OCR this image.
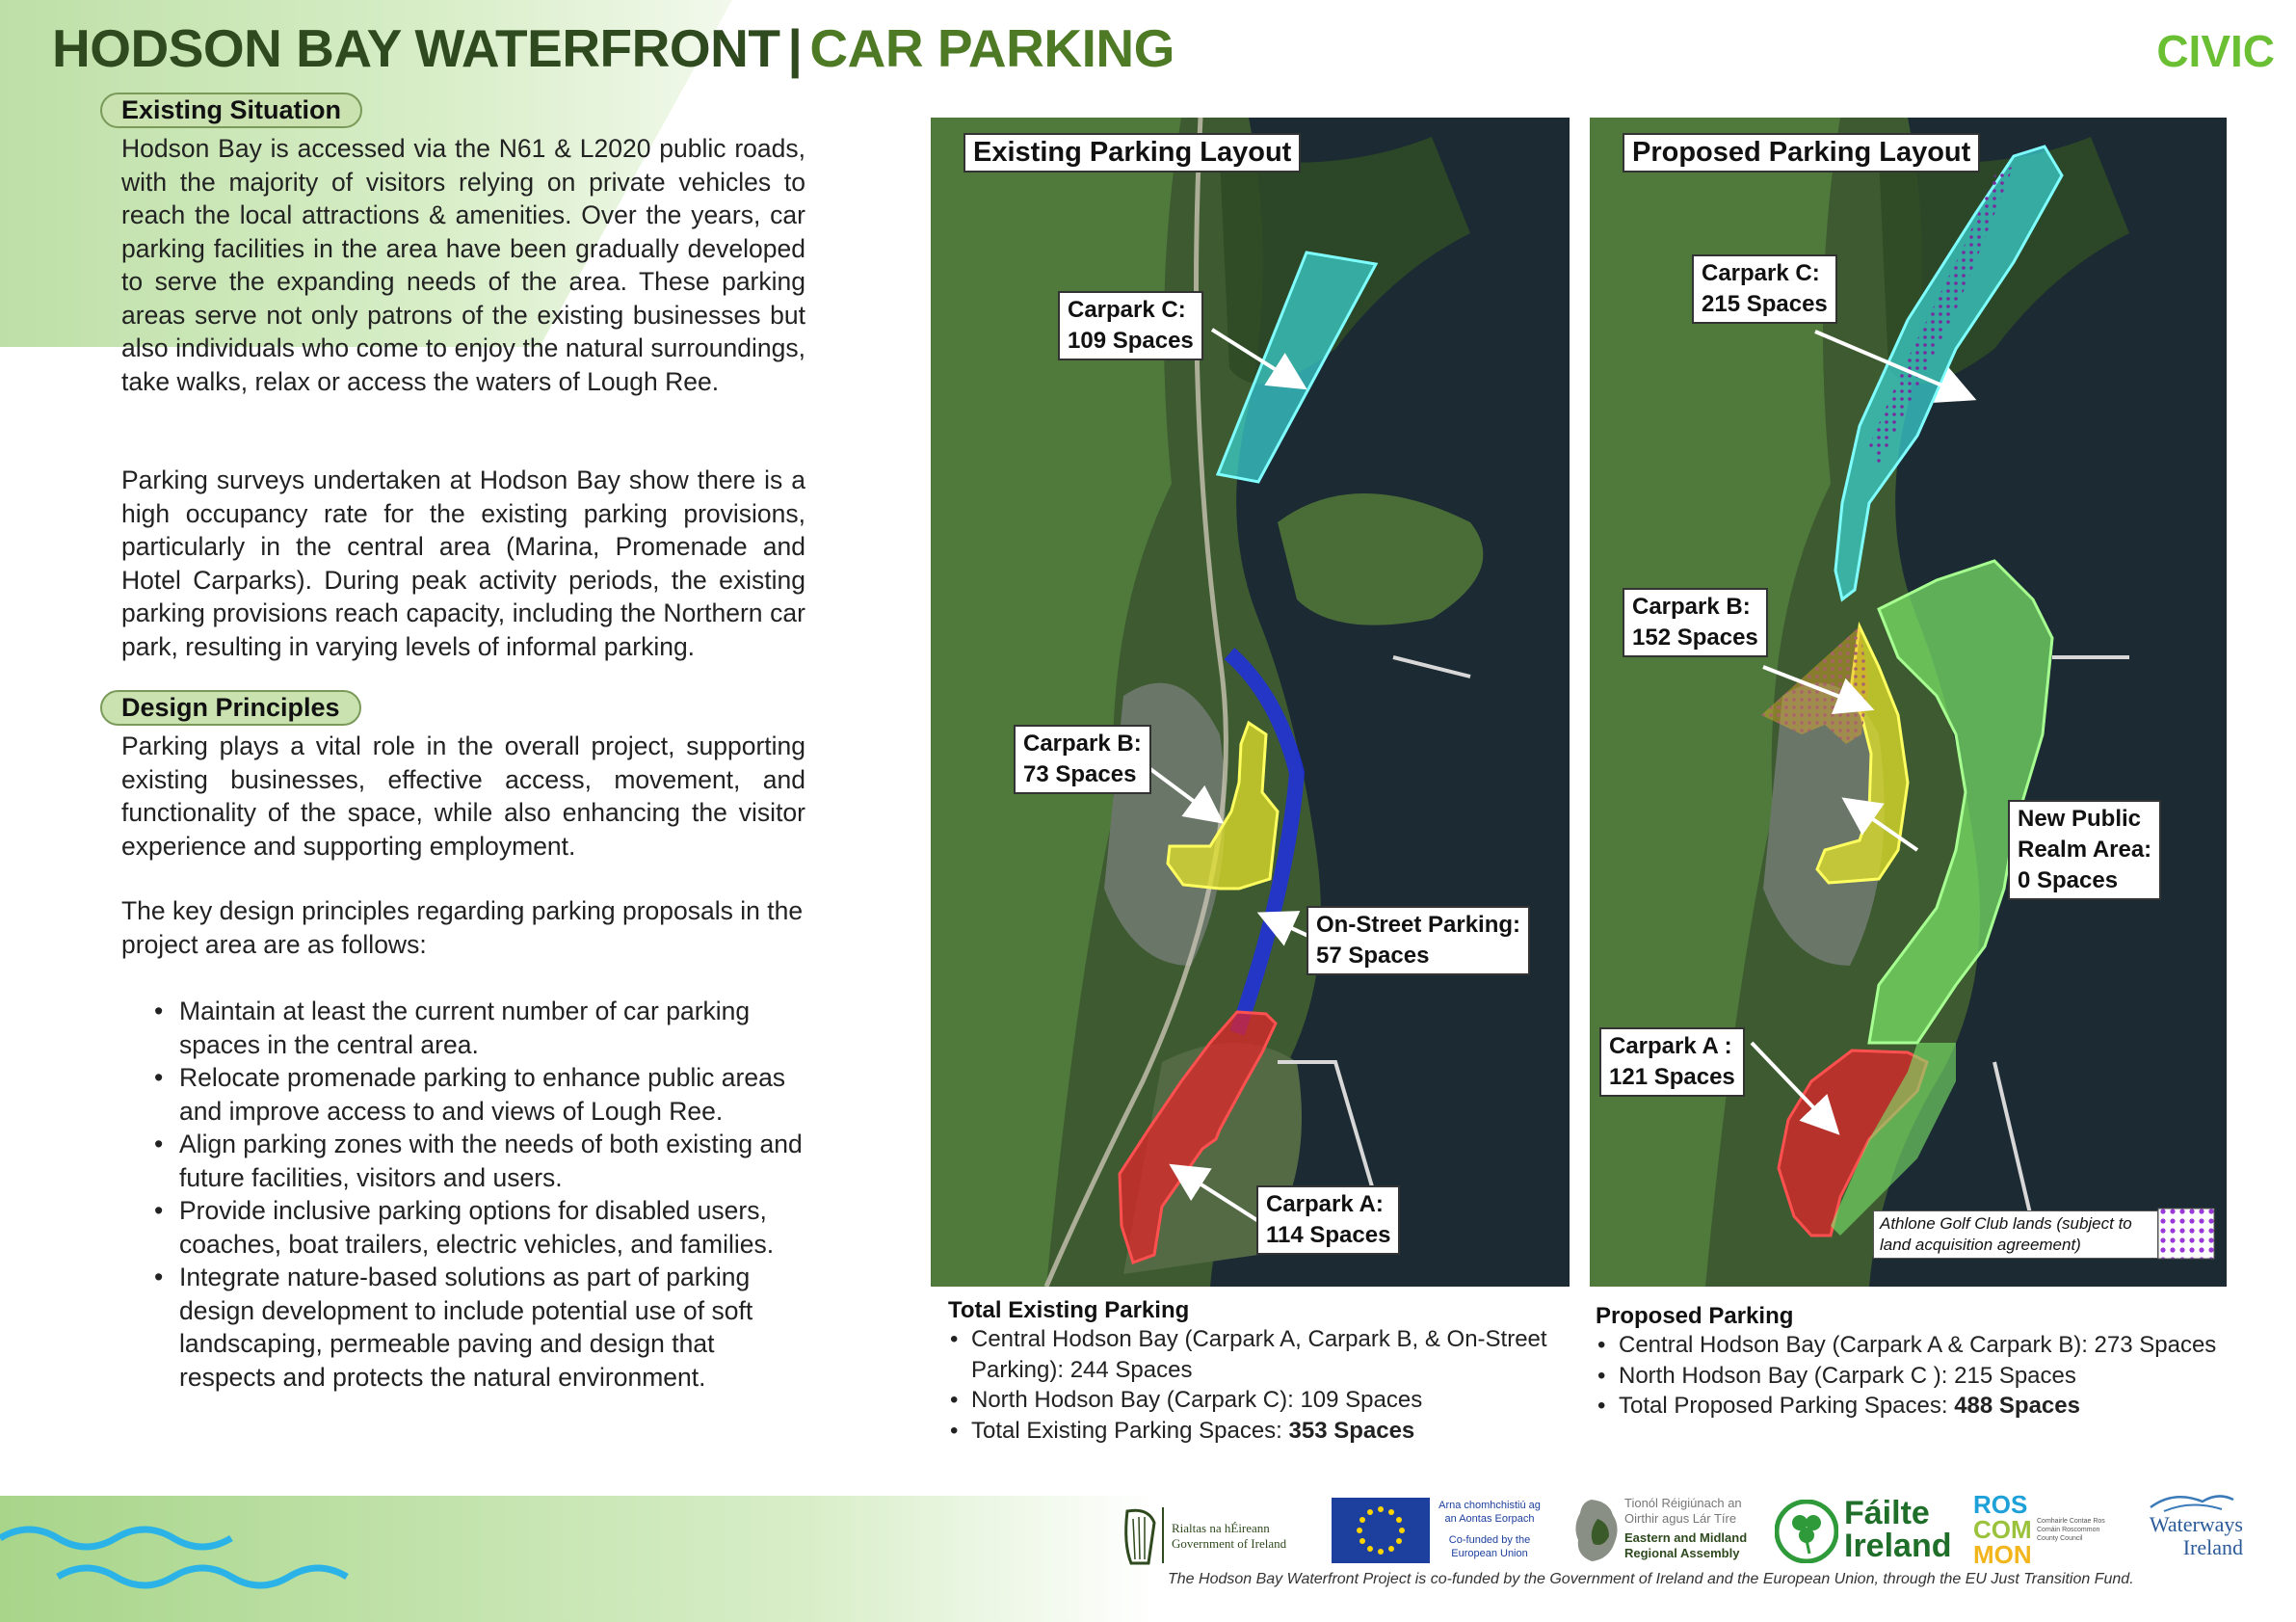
HODSON BAY WATERFRONT | CAR PARKING	CIVIC
Existing Situation
Hodson Bay is accessed via the N61 & L2020 public roads, with the majority of visitors relying on private vehicles to reach the local attractions & amenities. Over the years, car parking facilities in the area have been gradually developed to serve the expanding needs of the area. These parking areas serve not only patrons of the existing businesses but also individuals who come to enjoy the natural surroundings, take walks, relax or access the waters of Lough Ree.
Parking surveys undertaken at Hodson Bay show there is a high occupancy rate for the existing parking provisions, particularly in the central area (Marina, Promenade and Hotel Carparks). During peak activity periods, the existing parking provisions reach capacity, including the Northern car park, resulting in varying levels of informal parking.
Design Principles
Parking plays a vital role in the overall project, supporting existing businesses, effective access, movement, and functionality of the space, while also enhancing the visitor experience and supporting employment.
The key design principles regarding parking proposals in the project area are as follows:
• Maintain at least the current number of car parking spaces in the central area.
• Relocate promenade parking to enhance public areas and improve access to and views of Lough Ree.
• Align parking zones with the needs of both existing and future facilities, visitors and users.
• Provide inclusive parking options for disabled users, coaches, boat trailers, electric vehicles, and families.
• Integrate nature-based solutions as part of parking design development to include potential use of soft landscaping, permeable paving and design that respects and protects the natural environment.
Existing Parking Layout
Carpark C:
109 Spaces
Carpark B:
73 Spaces
On-Street Parking:
57 Spaces
Carpark A:
114 Spaces
Proposed Parking Layout
Carpark C:
215 Spaces
Carpark B:
152 Spaces
New Public
Realm Area:
0 Spaces
Carpark A :
121 Spaces
Athlone Golf Club lands (subject to land acquisition agreement)
Total Existing Parking
• Central Hodson Bay (Carpark A, Carpark B, & On-Street Parking): 244 Spaces
• North Hodson Bay (Carpark C): 109 Spaces
• Total Existing Parking Spaces: 353 Spaces
Proposed Parking
• Central Hodson Bay (Carpark A & Carpark B): 273 Spaces
• North Hodson Bay (Carpark C ): 215 Spaces
• Total Proposed Parking Spaces: 488 Spaces
Rialtas na hÉireann
Government of Ireland
Arna chomhchistiú ag
an Aontas Eorpach
Co-funded by the
European Union
Tionól Réigiúnach an
Oirthir agus Lár Tíre
Eastern and Midland
Regional Assembly
Fáilte
Ireland
ROS
COM
MON
Comhairle Contae Ros Comáin Roscommon County Council
Waterways
Ireland
The Hodson Bay Waterfront Project is co-funded by the Government of Ireland and the European Union, through the EU Just Transition Fund.
